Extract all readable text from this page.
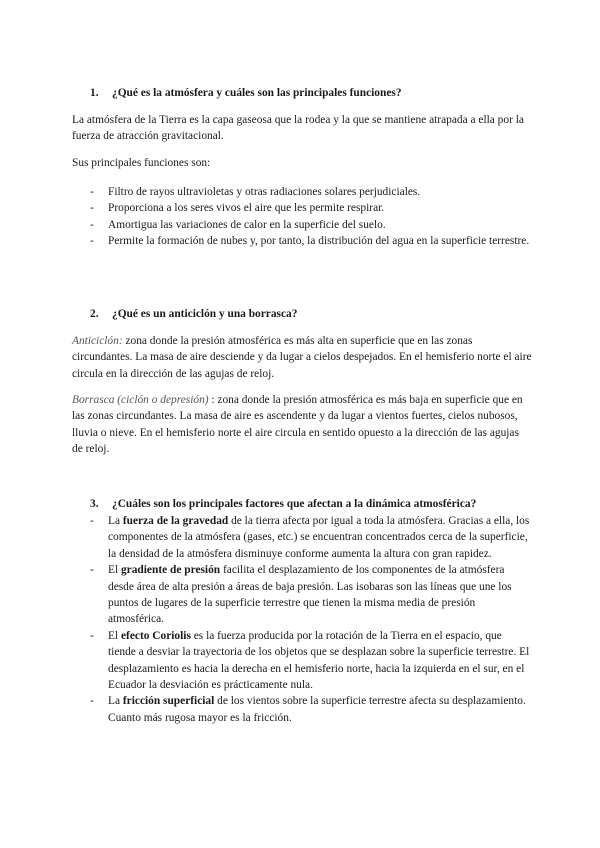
1. ¿Qué es la atmósfera y cuáles son las principales funciones?

La atmósfera de la Tierra es la capa gaseosa que la rodea y la que se mantiene atrapada a ella por la fuerza de atracción gravitacional.

Sus principales funciones son:

- Filtro de rayos ultravioletas y otras radiaciones solares perjudiciales.
- Proporciona a los seres vivos el aire que les permite respirar.
- Amortigua las variaciones de calor en la superficie del suelo.
- Permite la formación de nubes y, por tanto, la distribución del agua en la superficie terrestre.
2. ¿Qué es un anticiclón y una borrasca?

Anticiclón: zona donde la presión atmosférica es más alta en superficie que en las zonas circundantes. La masa de aire desciende y da lugar a cielos despejados. En el hemisferio norte el aire circula en la dirección de las agujas de reloj.

Borrasca (ciclón o depresión) : zona donde la presión atmosférica es más baja en superficie que en las zonas circundantes. La masa de aire es ascendente y da lugar a vientos fuertes, cielos nubosos, lluvia o nieve. En el hemisferio norte el aire circula en sentido opuesto a la dirección de las agujas de reloj.

3. ¿Cuáles son los principales factores que afectan a la dinámica atmosférica?
- La fuerza de la gravedad de la tierra afecta por igual a toda la atmósfera. Gracias a ella, los componentes de la atmósfera (gases, etc.) se encuentran concentrados cerca de la superficie, la densidad de la atmósfera disminuye conforme aumenta la altura con gran rapidez.
- El gradiente de presión facilita el desplazamiento de los componentes de la atmósfera desde área de alta presión a áreas de baja presión. Las isobaras son las líneas que une los puntos de lugares de la superficie terrestre que tienen la misma media de presión atmosférica.
- El efecto Coriolis es la fuerza producida por la rotación de la Tierra en el espacio, que tiende a desviar la trayectoria de los objetos que se desplazan sobre la superficie terrestre. El desplazamiento es hacia la derecha en el hemisferio norte, hacia la izquierda en el sur, en el Ecuador la desviación es prácticamente nula.
- La fricción superficial de los vientos sobre la superficie terrestre afecta su desplazamiento. Cuanto más rugosa mayor es la fricción.
